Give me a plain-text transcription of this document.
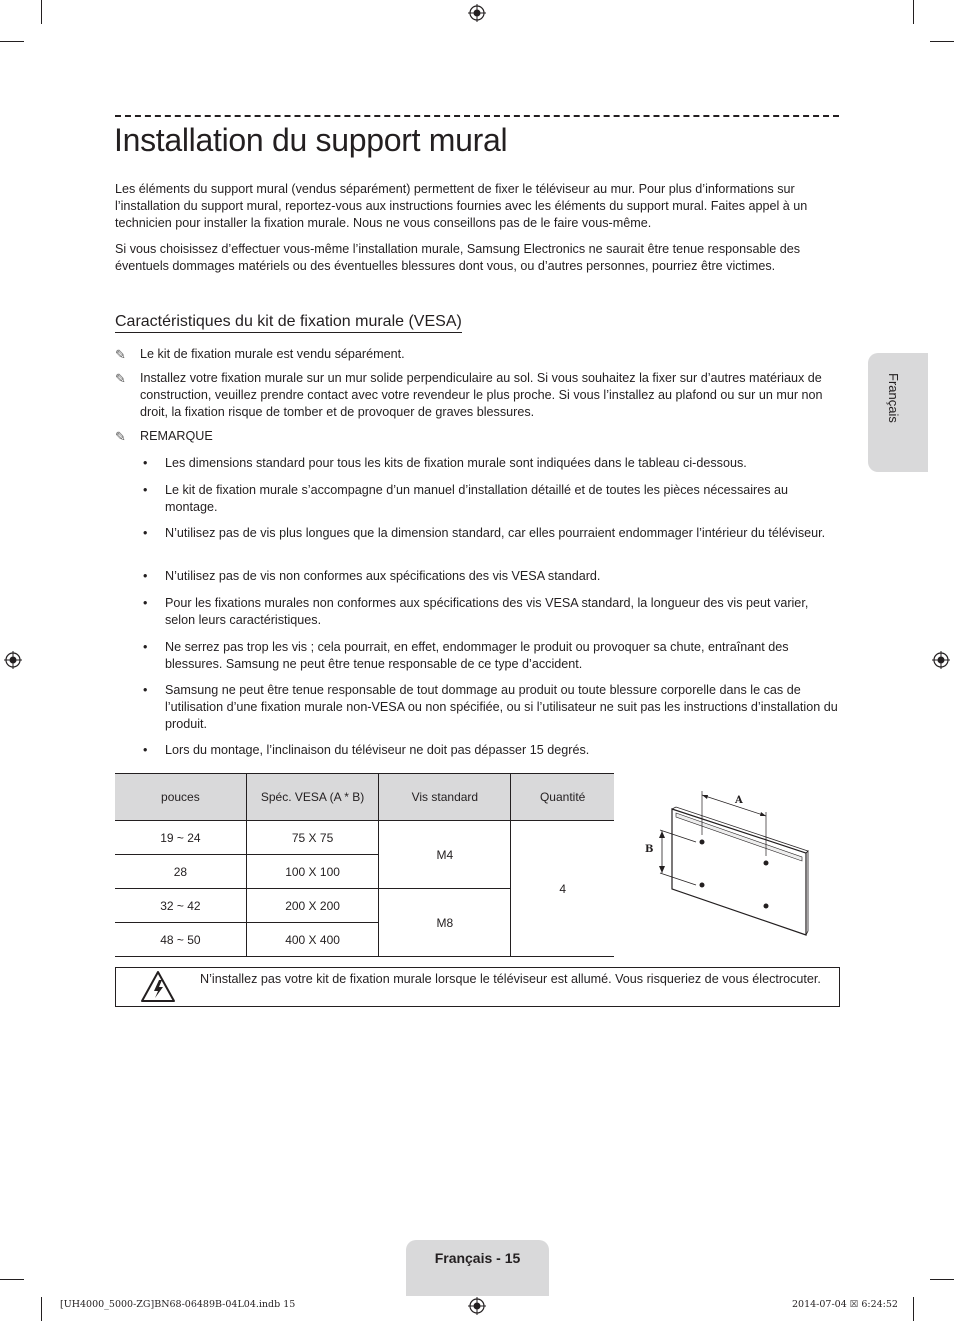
Installation du support mural

Les éléments du support mural (vendus séparément) permettent de fixer le téléviseur au mur. Pour plus d’informations sur l’installation du support mural, reportez-vous aux instructions fournies avec les éléments du support mural. Faites appel à un technicien pour installer la fixation murale. Nous ne vous conseillons pas de le faire vous-même.

Si vous choisissez d’effectuer vous-même l’installation murale, Samsung Electronics ne saurait être tenue responsable des éventuels dommages matériels ou des éventuelles blessures dont vous, ou d’autres personnes, pourriez être victimes.

Caractéristiques du kit de fixation murale (VESA)
✎	Le kit de fixation murale est vendu séparément.
✎	Installez votre fixation murale sur un mur solide perpendiculaire au sol. Si vous souhaitez la fixer sur d’autres matériaux de construction, veuillez prendre contact avec votre revendeur le plus proche. Si vous l’installez au plafond ou sur un mur non droit, la fixation risque de tomber et de provoquer de graves blessures.
✎	REMARQUE
• Les dimensions standard pour tous les kits de fixation murale sont indiquées dans le tableau ci-dessous.
• Le kit de fixation murale s’accompagne d’un manuel d’installation détaillé et de toutes les pièces nécessaires au montage.
• N’utilisez pas de vis plus longues que la dimension standard, car elles pourraient endommager l’intérieur du téléviseur.
• N’utilisez pas de vis non conformes aux spécifications des vis VESA standard.
• Pour les fixations murales non conformes aux spécifications des vis VESA standard, la longueur des vis peut varier, selon leurs caractéristiques.
• Ne serrez pas trop les vis ; cela pourrait, en effet, endommager le produit ou provoquer sa chute, entraînant des blessures. Samsung ne peut être tenue responsable de ce type d’accident.
• Samsung ne peut être tenue responsable de tout dommage au produit ou toute blessure corporelle dans le cas de l’utilisation d’une fixation murale non-VESA ou non spécifiée, ou si l’utilisateur ne suit pas les instructions d’installation du produit.
• Lors du montage, l’inclinaison du téléviseur ne doit pas dépasser 15 degrés.
pouces	Spéc. VESA (A * B)	Vis standard	Quantité
19 ~ 24	75 X 75	M4	4
28	100 X 100		
32 ~ 42	200 X 200	M8	
48 ~ 50	400 X 400		
A
B
N’installez pas votre kit de fixation murale lorsque le téléviseur est allumé. Vous risqueriez de vous électrocuter.
Français
Français - 15
[UH4000_5000-ZG]BN68-06489B-04L04.indb 15	2014-07-04 ☒ 6:24:52
